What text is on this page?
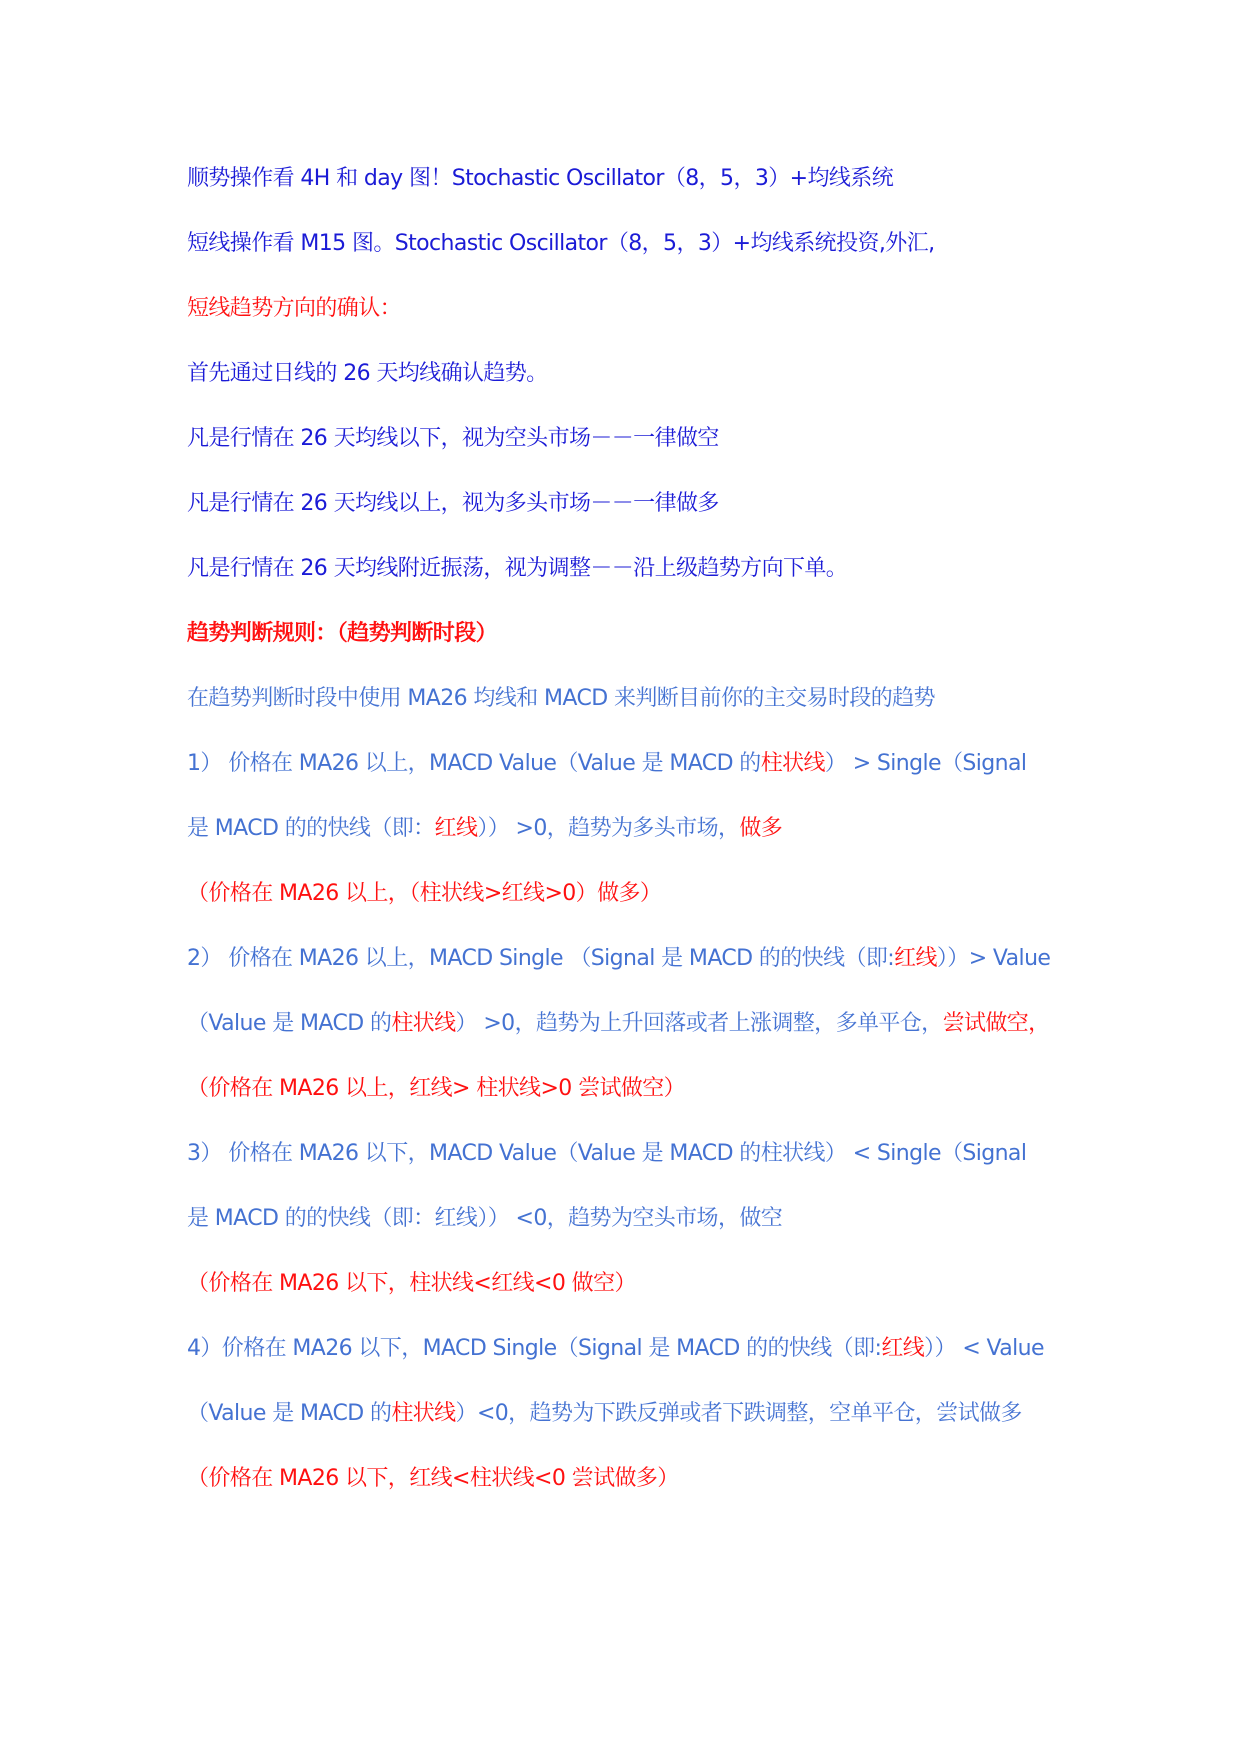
顺势操作看 4H 和 day 图！Stochastic Oscillator（8，5，3）+均线系统
短线操作看 M15 图。Stochastic Oscillator（8，5，3）+均线系统投资,外汇,
短线趋势方向的确认：
首先通过日线的 26 天均线确认趋势。
凡是行情在 26 天均线以下，视为空头市场－－一律做空
凡是行情在 26 天均线以上，视为多头市场－－一律做多
凡是行情在 26 天均线附近振荡，视为调整－－沿上级趋势方向下单。
趋势判断规则：（趋势判断时段）
在趋势判断时段中使用 MA26 均线和 MACD 来判断目前你的主交易时段的趋势
1） 价格在 MA26 以上，MACD Value（Value 是 MACD 的柱状线） > Single（Signal
是 MACD 的的快线（即：红线）） >0，趋势为多头市场，做多
（价格在 MA26 以上，（柱状线>红线>0）做多）
2） 价格在 MA26 以上，MACD Single （Signal 是 MACD 的的快线（即:红线））> Value
（Value 是 MACD 的柱状线） >0，趋势为上升回落或者上涨调整，多单平仓，尝试做空，
（价格在 MA26 以上，红线> 柱状线>0 尝试做空）
3） 价格在 MA26 以下，MACD Value（Value 是 MACD 的柱状线） < Single（Signal
是 MACD 的的快线（即：红线）） <0，趋势为空头市场，做空
（价格在 MA26 以下，柱状线<红线<0 做空）
4）价格在 MA26 以下，MACD Single（Signal 是 MACD 的的快线（即:红线）） < Value
（Value 是 MACD 的柱状线）<0，趋势为下跌反弹或者下跌调整，空单平仓，尝试做多
（价格在 MA26 以下，红线<柱状线<0 尝试做多）
